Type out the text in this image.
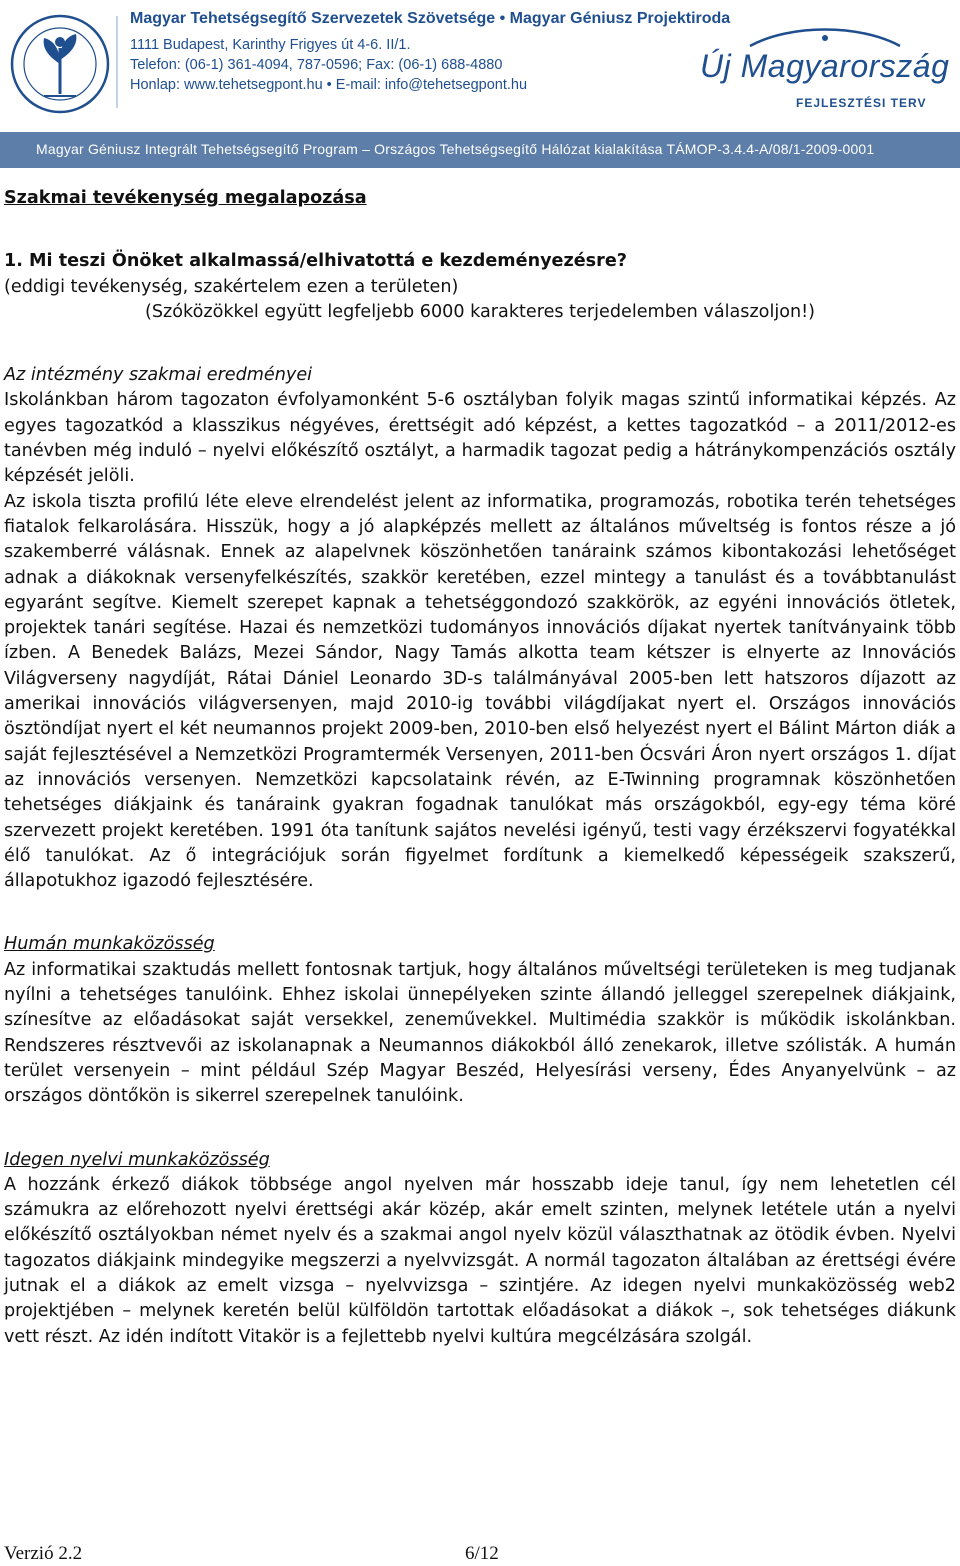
Magyar Tehetségsegítő Szervezetek Szövetsége • Magyar Géniusz Projektiroda
1111 Budapest, Karinthy Frigyes út 4-6. II/1.
Telefon: (06-1) 361-4094, 787-0596; Fax: (06-1) 688-4880
Honlap: www.tehetsegpont.hu • E-mail: info@tehetsegpont.hu
Új Magyarország
FEJLESZTÉSI TERV
Magyar Géniusz Integrált Tehetségsegítő Program – Országos Tehetségsegítő Hálózat kialakítása TÁMOP-3.4.4-A/08/1-2009-0001
Szakmai tevékenység megalapozása
1. Mi teszi Önöket alkalmassá/elhivatottá e kezdeményezésre?
(eddigi tevékenység, szakértelem ezen a területen)
(Szóközökkel együtt legfeljebb 6000 karakteres terjedelemben válaszoljon!)
Az intézmény szakmai eredményei

Iskolánkban három tagozaton évfolyamonként 5-6 osztályban folyik magas szintű informatikai képzés. Az egyes tagozatkód a klasszikus négyéves, érettségit adó képzést, a kettes tagozatkód – a 2011/2012-es tanévben még induló – nyelvi előkészítő osztályt, a harmadik tagozat pedig a hátránykompenzációs osztály képzését jelöli.

Az iskola tiszta profilú léte eleve elrendelést jelent az informatika, programozás, robotika terén tehetséges fiatalok felkarolására. Hisszük, hogy a jó alapképzés mellett az általános műveltség is fontos része a jó szakemberré válásnak. Ennek az alapelvnek köszönhetően tanáraink számos kibontakozási lehetőséget adnak a diákoknak versenyfelkészítés, szakkör keretében, ezzel mintegy a tanulást és a továbbtanulást egyaránt segítve. Kiemelt szerepet kapnak a tehetséggondozó szakkörök, az egyéni innovációs ötletek, projektek tanári segítése. Hazai és nemzetközi tudományos innovációs díjakat nyertek tanítványaink több ízben. A Benedek Balázs, Mezei Sándor, Nagy Tamás alkotta team kétszer is elnyerte az Innovációs Világverseny nagydíját, Rátai Dániel Leonardo 3D-s találmányával 2005-ben lett hatszoros díjazott az amerikai innovációs világversenyen, majd 2010-ig további világdíjakat nyert el. Országos innovációs ösztöndíjat nyert el két neumannos projekt 2009-ben, 2010-ben első helyezést nyert el Bálint Márton diák a saját fejlesztésével a Nemzetközi Programtermék Versenyen, 2011-ben Ócsvári Áron nyert országos 1. díjat az innovációs versenyen. Nemzetközi kapcsolataink révén, az E-Twinning programnak köszönhetően tehetséges diákjaink és tanáraink gyakran fogadnak tanulókat más országokból, egy-egy téma köré szervezett projekt keretében. 1991 óta tanítunk sajátos nevelési igényű, testi vagy érzékszervi fogyatékkal élő tanulókat. Az ő integrációjuk során figyelmet fordítunk a kiemelkedő képességeik szakszerű, állapotukhoz igazodó fejlesztésére.

Humán munkaközösség

Az informatikai szaktudás mellett fontosnak tartjuk, hogy általános műveltségi területeken is meg tudjanak nyílni a tehetséges tanulóink. Ehhez iskolai ünnepélyeken szinte állandó jelleggel szerepelnek diákjaink, színesítve az előadásokat saját versekkel, zeneművekkel. Multimédia szakkör is működik iskolánkban. Rendszeres résztvevői az iskolanapnak a Neumannos diákokból álló zenekarok, illetve szólisták. A humán terület versenyein – mint például Szép Magyar Beszéd, Helyesírási verseny, Édes Anyanyelvünk – az országos döntőkön is sikerrel szerepelnek tanulóink.

Idegen nyelvi munkaközösség

A hozzánk érkező diákok többsége angol nyelven már hosszabb ideje tanul, így nem lehetetlen cél számukra az előrehozott nyelvi érettségi akár közép, akár emelt szinten, melynek letétele után a nyelvi előkészítő osztályokban német nyelv és a szakmai angol nyelv közül választhatnak az ötödik évben. Nyelvi tagozatos diákjaink mindegyike megszerzi a nyelvvizsgát. A normál tagozaton általában az érettségi évére jutnak el a diákok az emelt vizsga – nyelvvizsga – szintjére. Az idegen nyelvi munkaközösség web2 projektjében – melynek keretén belül külföldön tartottak előadásokat a diákok –, sok tehetséges diákunk vett részt. Az idén indított Vitakör is a fejlettebb nyelvi kultúra megcélzására szolgál.

Verzió 2.2	6/12
